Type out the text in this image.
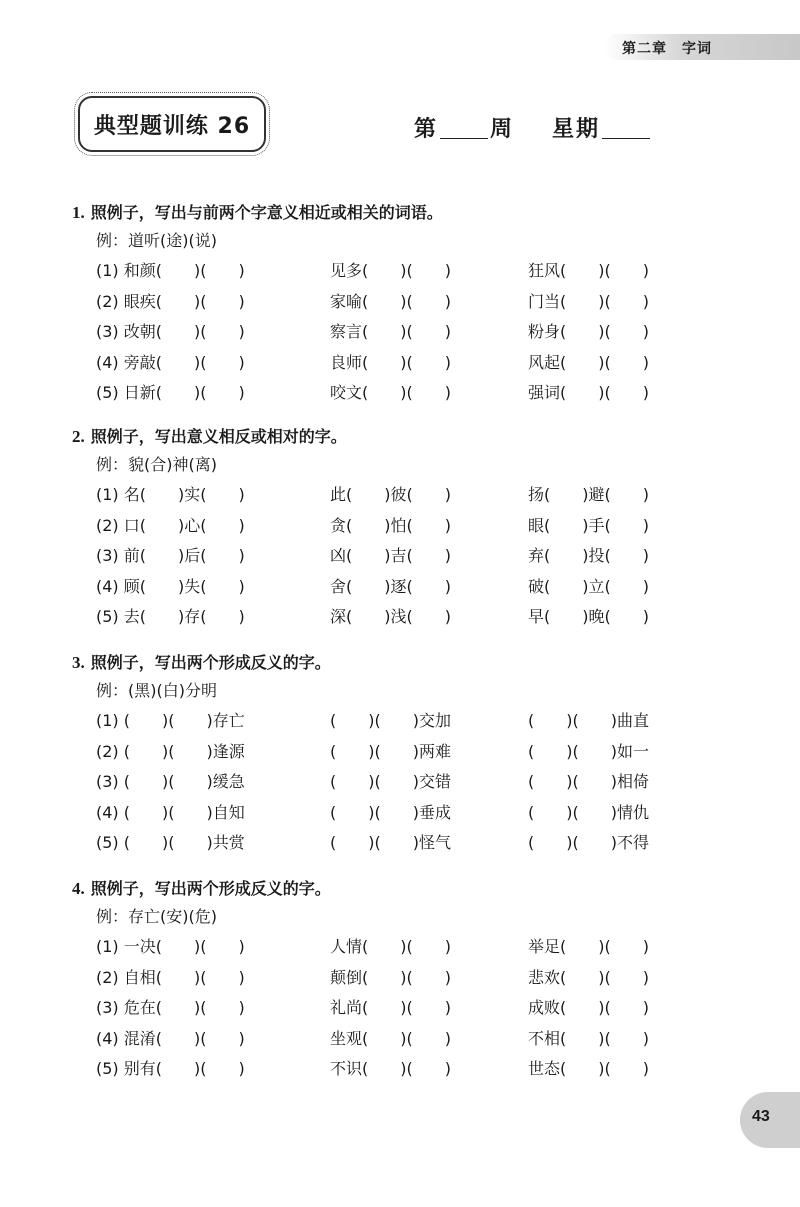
第二章　字词
典型题训练 26	第 周 星期
1. 照例子，写出与前两个字意义相近或相关的词语。
例：道听(途)(说)
(1) 和颜(　　)(　　)	见多(　　)(　　)	狂风(　　)(　　)
(2) 眼疾(　　)(　　)	家喻(　　)(　　)	门当(　　)(　　)
(3) 改朝(　　)(　　)	察言(　　)(　　)	粉身(　　)(　　)
(4) 旁敲(　　)(　　)	良师(　　)(　　)	风起(　　)(　　)
(5) 日新(　　)(　　)	咬文(　　)(　　)	强词(　　)(　　)
2. 照例子，写出意义相反或相对的字。
例：貌(合)神(离)
(1) 名(　　)实(　　)	此(　　)彼(　　)	扬(　　)避(　　)
(2) 口(　　)心(　　)	贪(　　)怕(　　)	眼(　　)手(　　)
(3) 前(　　)后(　　)	凶(　　)吉(　　)	弃(　　)投(　　)
(4) 顾(　　)失(　　)	舍(　　)逐(　　)	破(　　)立(　　)
(5) 去(　　)存(　　)	深(　　)浅(　　)	早(　　)晚(　　)
3. 照例子，写出两个形成反义的字。
例：(黑)(白)分明
(1) (　　)(　　)存亡	(　　)(　　)交加	(　　)(　　)曲直
(2) (　　)(　　)逢源	(　　)(　　)两难	(　　)(　　)如一
(3) (　　)(　　)缓急	(　　)(　　)交错	(　　)(　　)相倚
(4) (　　)(　　)自知	(　　)(　　)垂成	(　　)(　　)情仇
(5) (　　)(　　)共赏	(　　)(　　)怪气	(　　)(　　)不得
4. 照例子，写出两个形成反义的字。
例：存亡(安)(危)
(1) 一决(　　)(　　)	人情(　　)(　　)	举足(　　)(　　)
(2) 自相(　　)(　　)	颠倒(　　)(　　)	悲欢(　　)(　　)
(3) 危在(　　)(　　)	礼尚(　　)(　　)	成败(　　)(　　)
(4) 混淆(　　)(　　)	坐观(　　)(　　)	不相(　　)(　　)
(5) 别有(　　)(　　)	不识(　　)(　　)	世态(　　)(　　)
43
